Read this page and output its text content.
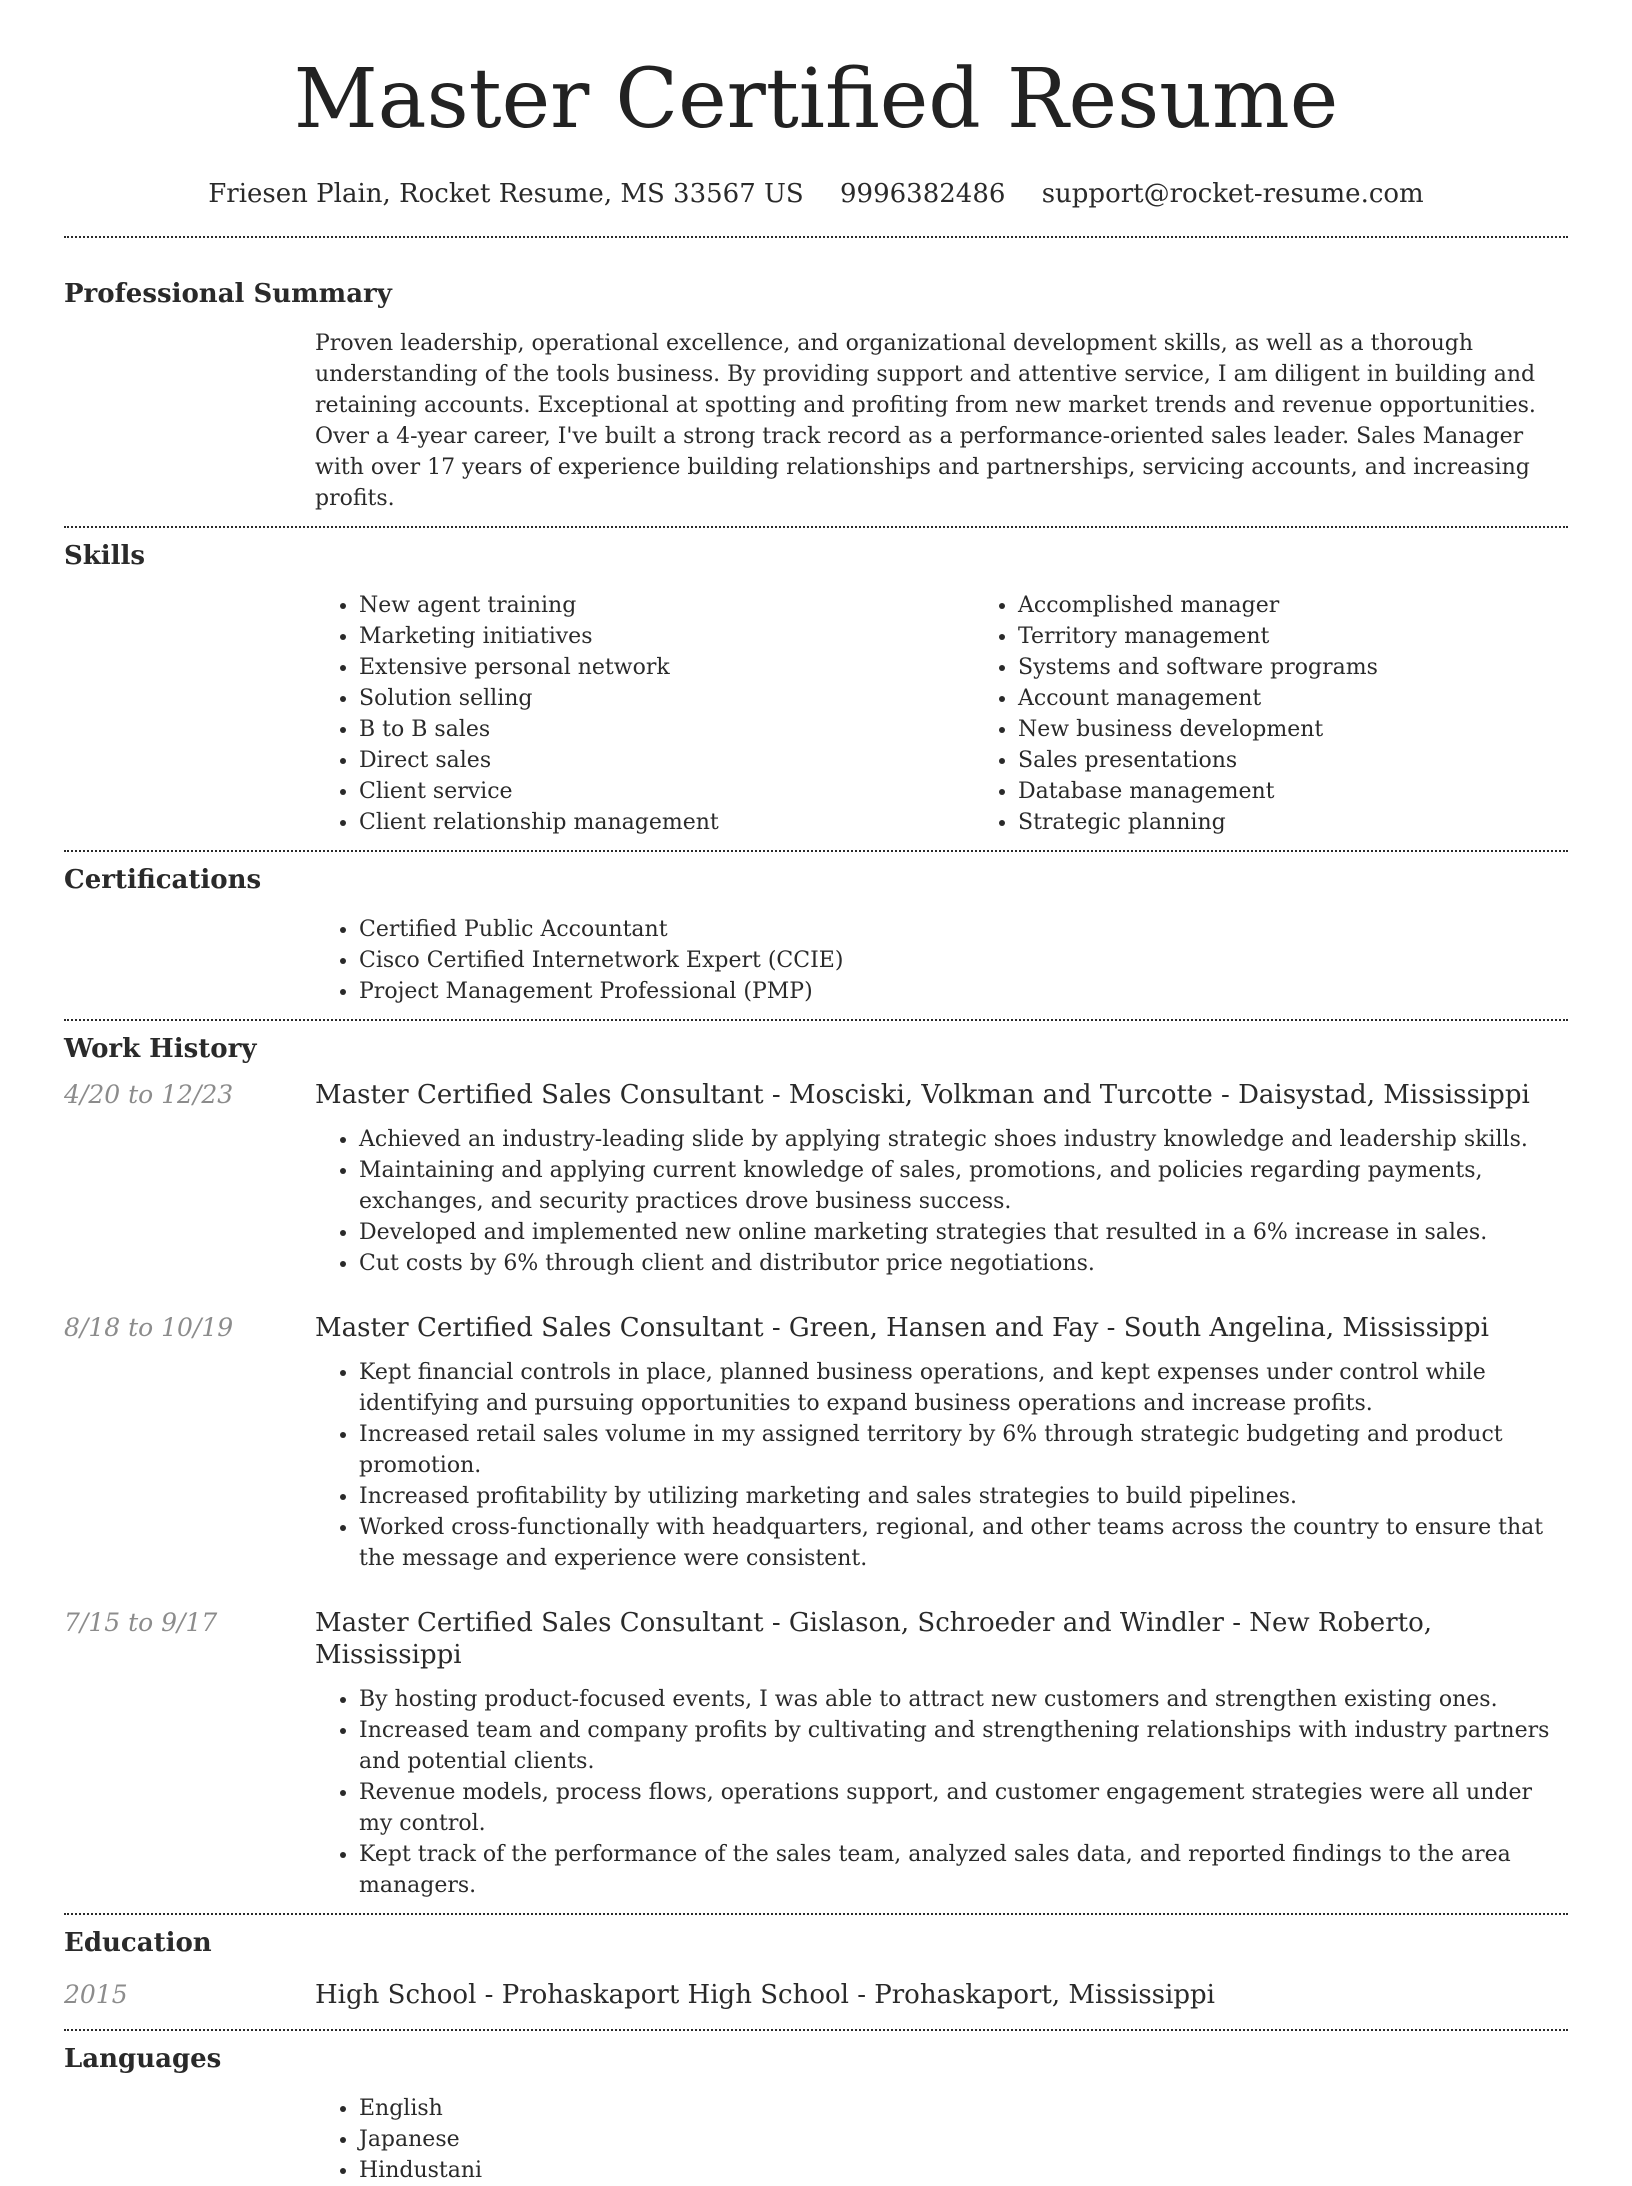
Master Certified Resume
Friesen Plain, Rocket Resume, MS 33567 US 9996382486 support@rocket-resume.com
Professional Summary
Proven leadership, operational excellence, and organizational development skills, as well as a thorough understanding of the tools business. By providing support and attentive service, I am diligent in building and retaining accounts. Exceptional at spotting and profiting from new market trends and revenue opportunities. Over a 4-year career, I've built a strong track record as a performance-oriented sales leader. Sales Manager with over 17 years of experience building relationships and partnerships, servicing accounts, and increasing profits.
Skills
• New agent training
• Marketing initiatives
• Extensive personal network
• Solution selling
• B to B sales
• Direct sales
• Client service
• Client relationship management
• Accomplished manager
• Territory management
• Systems and software programs
• Account management
• New business development
• Sales presentations
• Database management
• Strategic planning
Certifications
• Certified Public Accountant
• Cisco Certified Internetwork Expert (CCIE)
• Project Management Professional (PMP)
Work History
4/20 to 12/23	Master Certified Sales Consultant - Mosciski, Volkman and Turcotte - Daisystad, Mississippi
• Achieved an industry-leading slide by applying strategic shoes industry knowledge and leadership skills.
• Maintaining and applying current knowledge of sales, promotions, and policies regarding payments, exchanges, and security practices drove business success.
• Developed and implemented new online marketing strategies that resulted in a 6% increase in sales.
• Cut costs by 6% through client and distributor price negotiations.
8/18 to 10/19	Master Certified Sales Consultant - Green, Hansen and Fay - South Angelina, Mississippi
• Kept financial controls in place, planned business operations, and kept expenses under control while identifying and pursuing opportunities to expand business operations and increase profits.
• Increased retail sales volume in my assigned territory by 6% through strategic budgeting and product promotion.
• Increased profitability by utilizing marketing and sales strategies to build pipelines.
• Worked cross-functionally with headquarters, regional, and other teams across the country to ensure that the message and experience were consistent.
7/15 to 9/17	Master Certified Sales Consultant - Gislason, Schroeder and Windler - New Roberto, Mississippi
• By hosting product-focused events, I was able to attract new customers and strengthen existing ones.
• Increased team and company profits by cultivating and strengthening relationships with industry partners and potential clients.
• Revenue models, process flows, operations support, and customer engagement strategies were all under my control.
• Kept track of the performance of the sales team, analyzed sales data, and reported findings to the area managers.
Education
2015	High School - Prohaskaport High School - Prohaskaport, Mississippi
Languages
• English
• Japanese
• Hindustani
